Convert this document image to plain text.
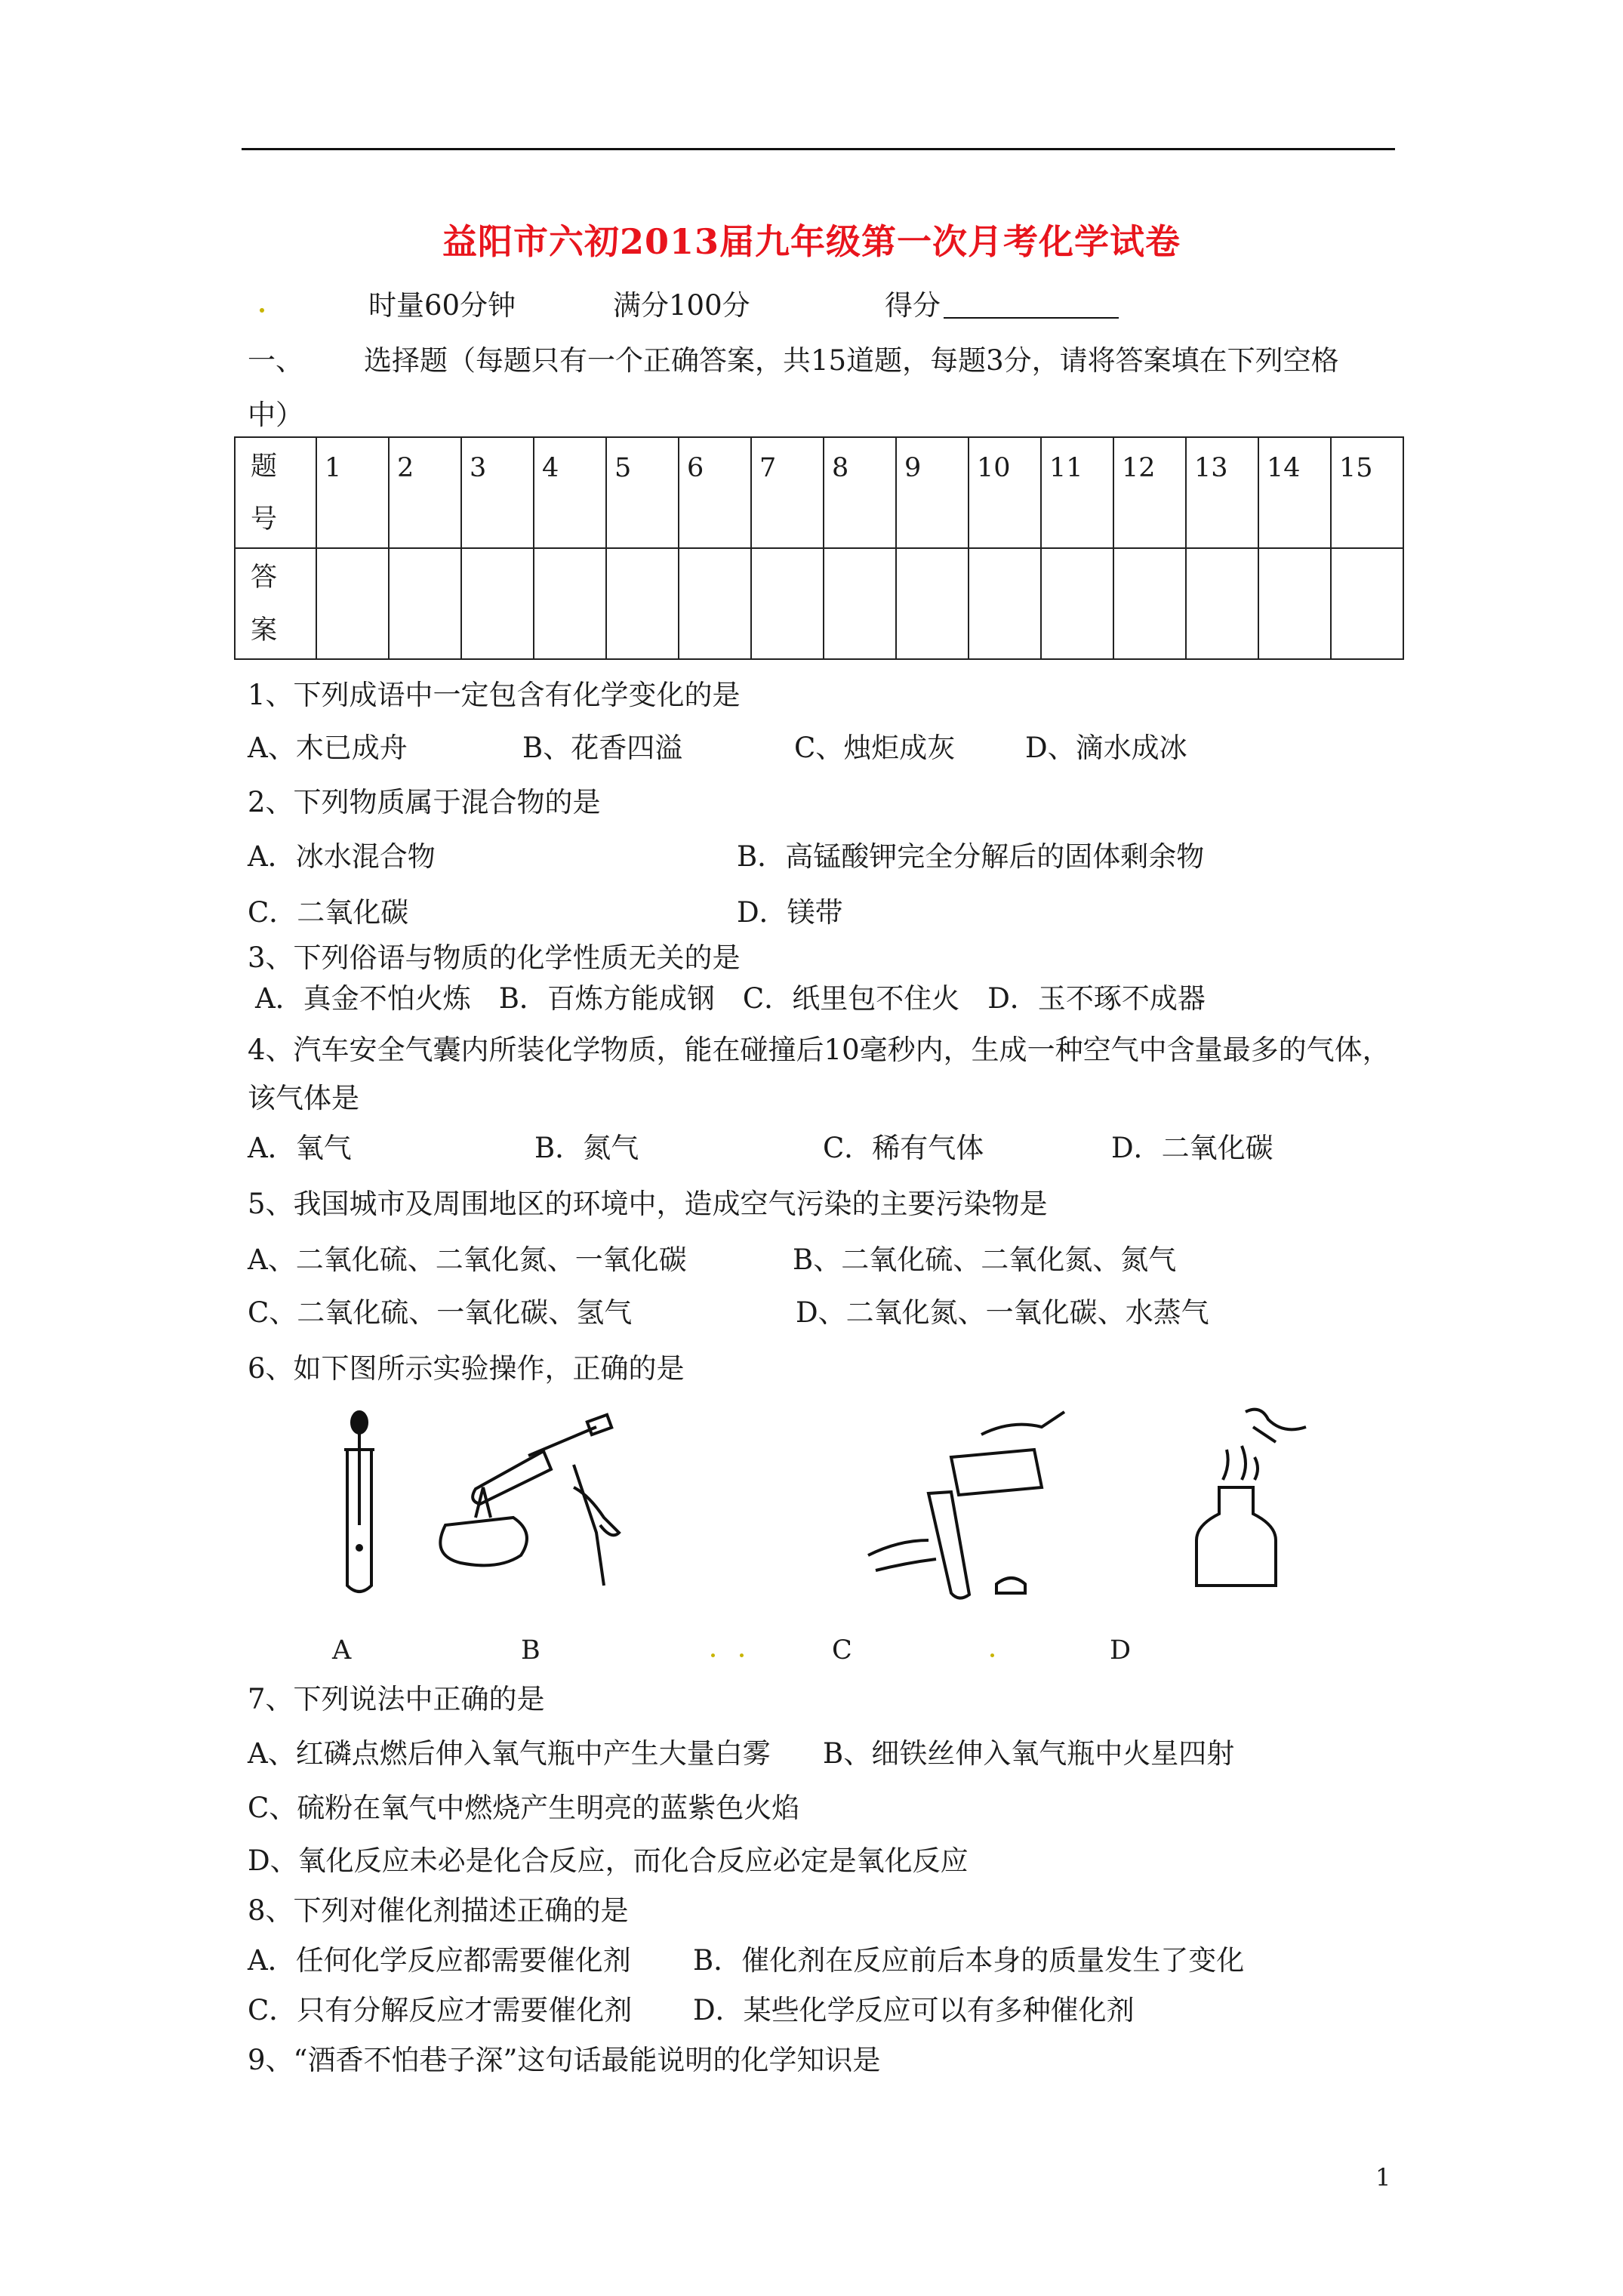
益阳市六初2013届九年级第一次月考化学试卷
时量60分钟	满分100分	得分
一、 选择题（每题只有一个正确答案，共15道题，每题3分，请将答案填在下列空格
中）
题
号	1	2	3	4	5	6	7	8	9	10	11	12	13	14	15
答
案															
1、下列成语中一定包含有化学变化的是
A、木已成舟	B、花香四溢	C、烛炬成灰	D、滴水成冰
2、下列物质属于混合物的是
A．冰水混合物	B．高锰酸钾完全分解后的固体剩余物
C．二氧化碳	D．镁带
3、下列俗语与物质的化学性质无关的是
A．真金不怕火炼　B．百炼方能成钢　C．纸里包不住火　D．玉不琢不成器
4、汽车安全气囊内所装化学物质，能在碰撞后10毫秒内，生成一种空气中含量最多的气体，
该气体是
A．氧气	B．氮气	C．稀有气体	D．二氧化碳
5、我国城市及周围地区的环境中，造成空气污染的主要污染物是
A、二氧化硫、二氧化氮、一氧化碳	B、二氧化硫、二氧化氮、氮气
C、二氧化硫、一氧化碳、氢气	D、二氧化氮、一氧化碳、水蒸气
6、如下图所示实验操作，正确的是
A	B	C	D
7、下列说法中正确的是
A、红磷点燃后伸入氧气瓶中产生大量白雾 B、细铁丝伸入氧气瓶中火星四射
C、硫粉在氧气中燃烧产生明亮的蓝紫色火焰
D、氧化反应未必是化合反应，而化合反应必定是氧化反应
8、下列对催化剂描述正确的是
A．任何化学反应都需要催化剂 B．催化剂在反应前后本身的质量发生了变化
C．只有分解反应才需要催化剂 D．某些化学反应可以有多种催化剂
9、“酒香不怕巷子深”这句话最能说明的化学知识是
1
